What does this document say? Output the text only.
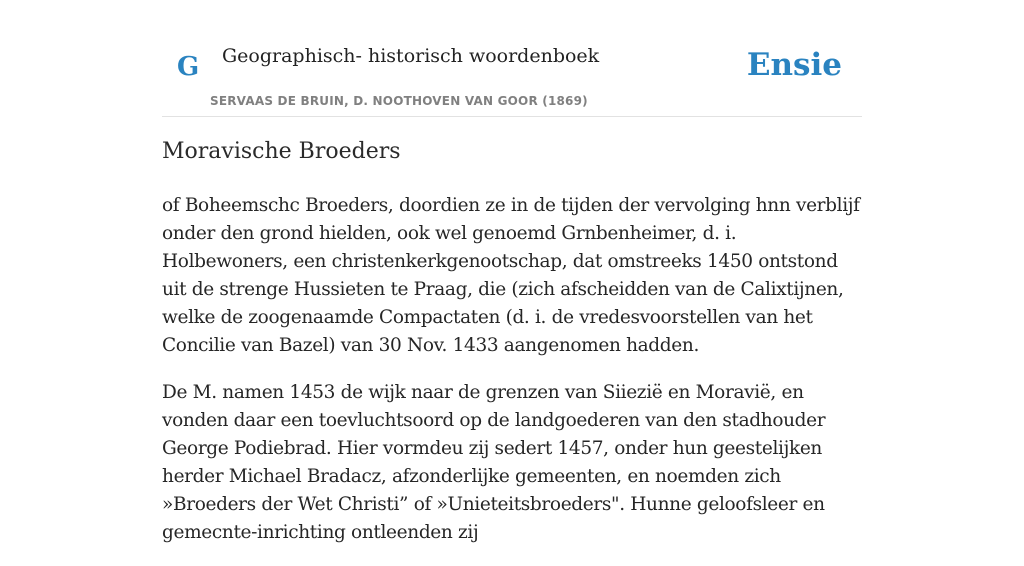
G Geographisch- historisch woordenboek
SERVAAS DE BRUIN, D. NOOTHOVEN VAN GOOR (1869)
Ensie
Moravische Broeders

of Boheemschc Broeders, doordien ze in de tijden der vervolging hnn verblijf onder den grond hielden, ook wel genoemd Grnbenheimer, d. i. Holbewoners, een christenkerkgenootschap, dat omstreeks 1450 ontstond uit de strenge Hussieten te Praag, die (zich afscheidden van de Calixtijnen, welke de zoogenaamde Compactaten (d. i. de vredesvoorstellen van het Concilie van Bazel) van 30 Nov. 1433 aangenomen hadden.

De M. namen 1453 de wijk naar de grenzen van Siiezië en Moravië, en vonden daar een toevluchtsoord op de landgoederen van den stadhouder George Podiebrad. Hier vormdeu zij sedert 1457, onder hun geestelijken herder Michael Bradacz, afzonderlijke gemeenten, en noemden zich »Broeders der Wet Christi” of »Unieteitsbroeders". Hunne geloofsleer en gemecnte-inrichting ontleenden zij
